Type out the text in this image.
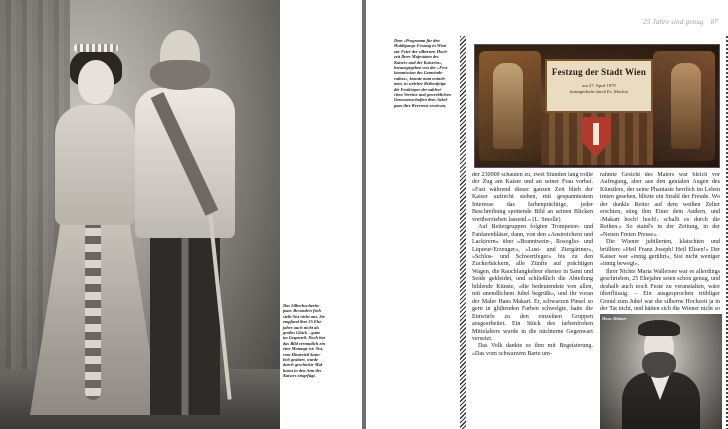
Das Silberhochzeits-
paar. Besonders froh
sieht Sisi nicht aus. Sie
empfand ihre 25 Ehe-
jahre auch nicht als
großes Glück – ganz
im Gegenteil. Doch hat
das Bild vermutlich ein
eine Montage ist: Sisi,
vom Hinterteil kann-
lich gealtert, wurde
durch geschickte Mal-
kunst in den Arm des
Kaisers eingefügt.
25 Jahre sind genug 87
Dem »Programm für den
Huldigungs-Festzug in Wien
zur Feier der silbernen Hoch-
zeit Ihrer Majestäten des
Kaisers und der Kaiserin«,
herausgegeben von der »Fest-
kommission des Gemeinde-
rathes«, konnte man entneh-
men, in welcher Reihenfolge
die Festkörper der zahlrei-
chen Vereine und gewerblichen
Genossenschaften dem Jubel-
paar ihre Reverenz erwiesen.
Festzug der Stadt Wien
am 27. April 1879
kunstgedacht durch Es. Mackiu

der 230000 schauten zu, zwei Stunden lang rollte der Zug am Kaiser und an seiner Frau vorbei. »Fast während dieser ganzen Zeit blieb der Kaiser aufrecht stehen, mit gespanntestem Interesse das farbenprächtige, jeder Beschreibung spottende Bild an seinen Blicken vorüberziehen lassend.« (L. Smolle)

Auf Reitergruppen folgten Trompeten- und Fanfarenbläser, dann, von den »Anstreichern und Lackirern« über »Branntwein-, Rosoglio- und Liqueur-Erzeuger«, »Lust- und Ziergärtner«, »Schlos- und Schwertfeger« bis zu den Zuckerbäckern, alle Zünfte auf prächtigen Wagen, die Rauchfangkehrer ebenso in Samt und Seide gekleidet, und schließlich die Abteilung bildende Künste, »die bedeutendste von allen, mit unendlichem Jubel begrüßt«, und ihr voran der Maler Hans Makart. Er, schwarzen Pinsel so gern in glühenden Farben schwelgte, hatte die Entwürfe zu den einzelnen Gruppen ausgearbeitet. Ein Stück des farbenfrohen Mittelalters wurde in die nüchterne Gegenwart versetzt.

Das Volk dankte es ihm mit Begeisterung. »Das vom schwarzem Barte um-

rahmte Gesicht des Malers war bleich vor Aufregung, aber aus den genialen Augen des Künstlers, der seine Phantasie herrlich im Leben treten gesehen, blitzte ein Strahl der Freude. Wo der dunkle Reiter auf dem weißen Zelter erschien, stieg ihm Einer dem Andern, und ›Makart hoch! hoch!‹ schallt es durch die Reihen.« So stand's in der Zeitung, in der »Neuen Freien Presse«.

Die Wiener jubilierten, klatschten und brüllten: »Heil Franz Joseph! Heil Elisen!« Der Kaiser war »innig gerührt«, Sisi nicht weniger »innig bewegt«.

Ihrer Nichte Maria Wallersee war es allerdings geschrieben, 25 Ehejahre seien schon genug, und deshalb auch noch Feste zu veranstalten, wäre überflüssig. – Ein ausgesprochen trübliger Grund zum Jubel war die silberne Hochzeit ja in der Tat nicht, und hätten sich die Wiener nicht so

Hans Makart
